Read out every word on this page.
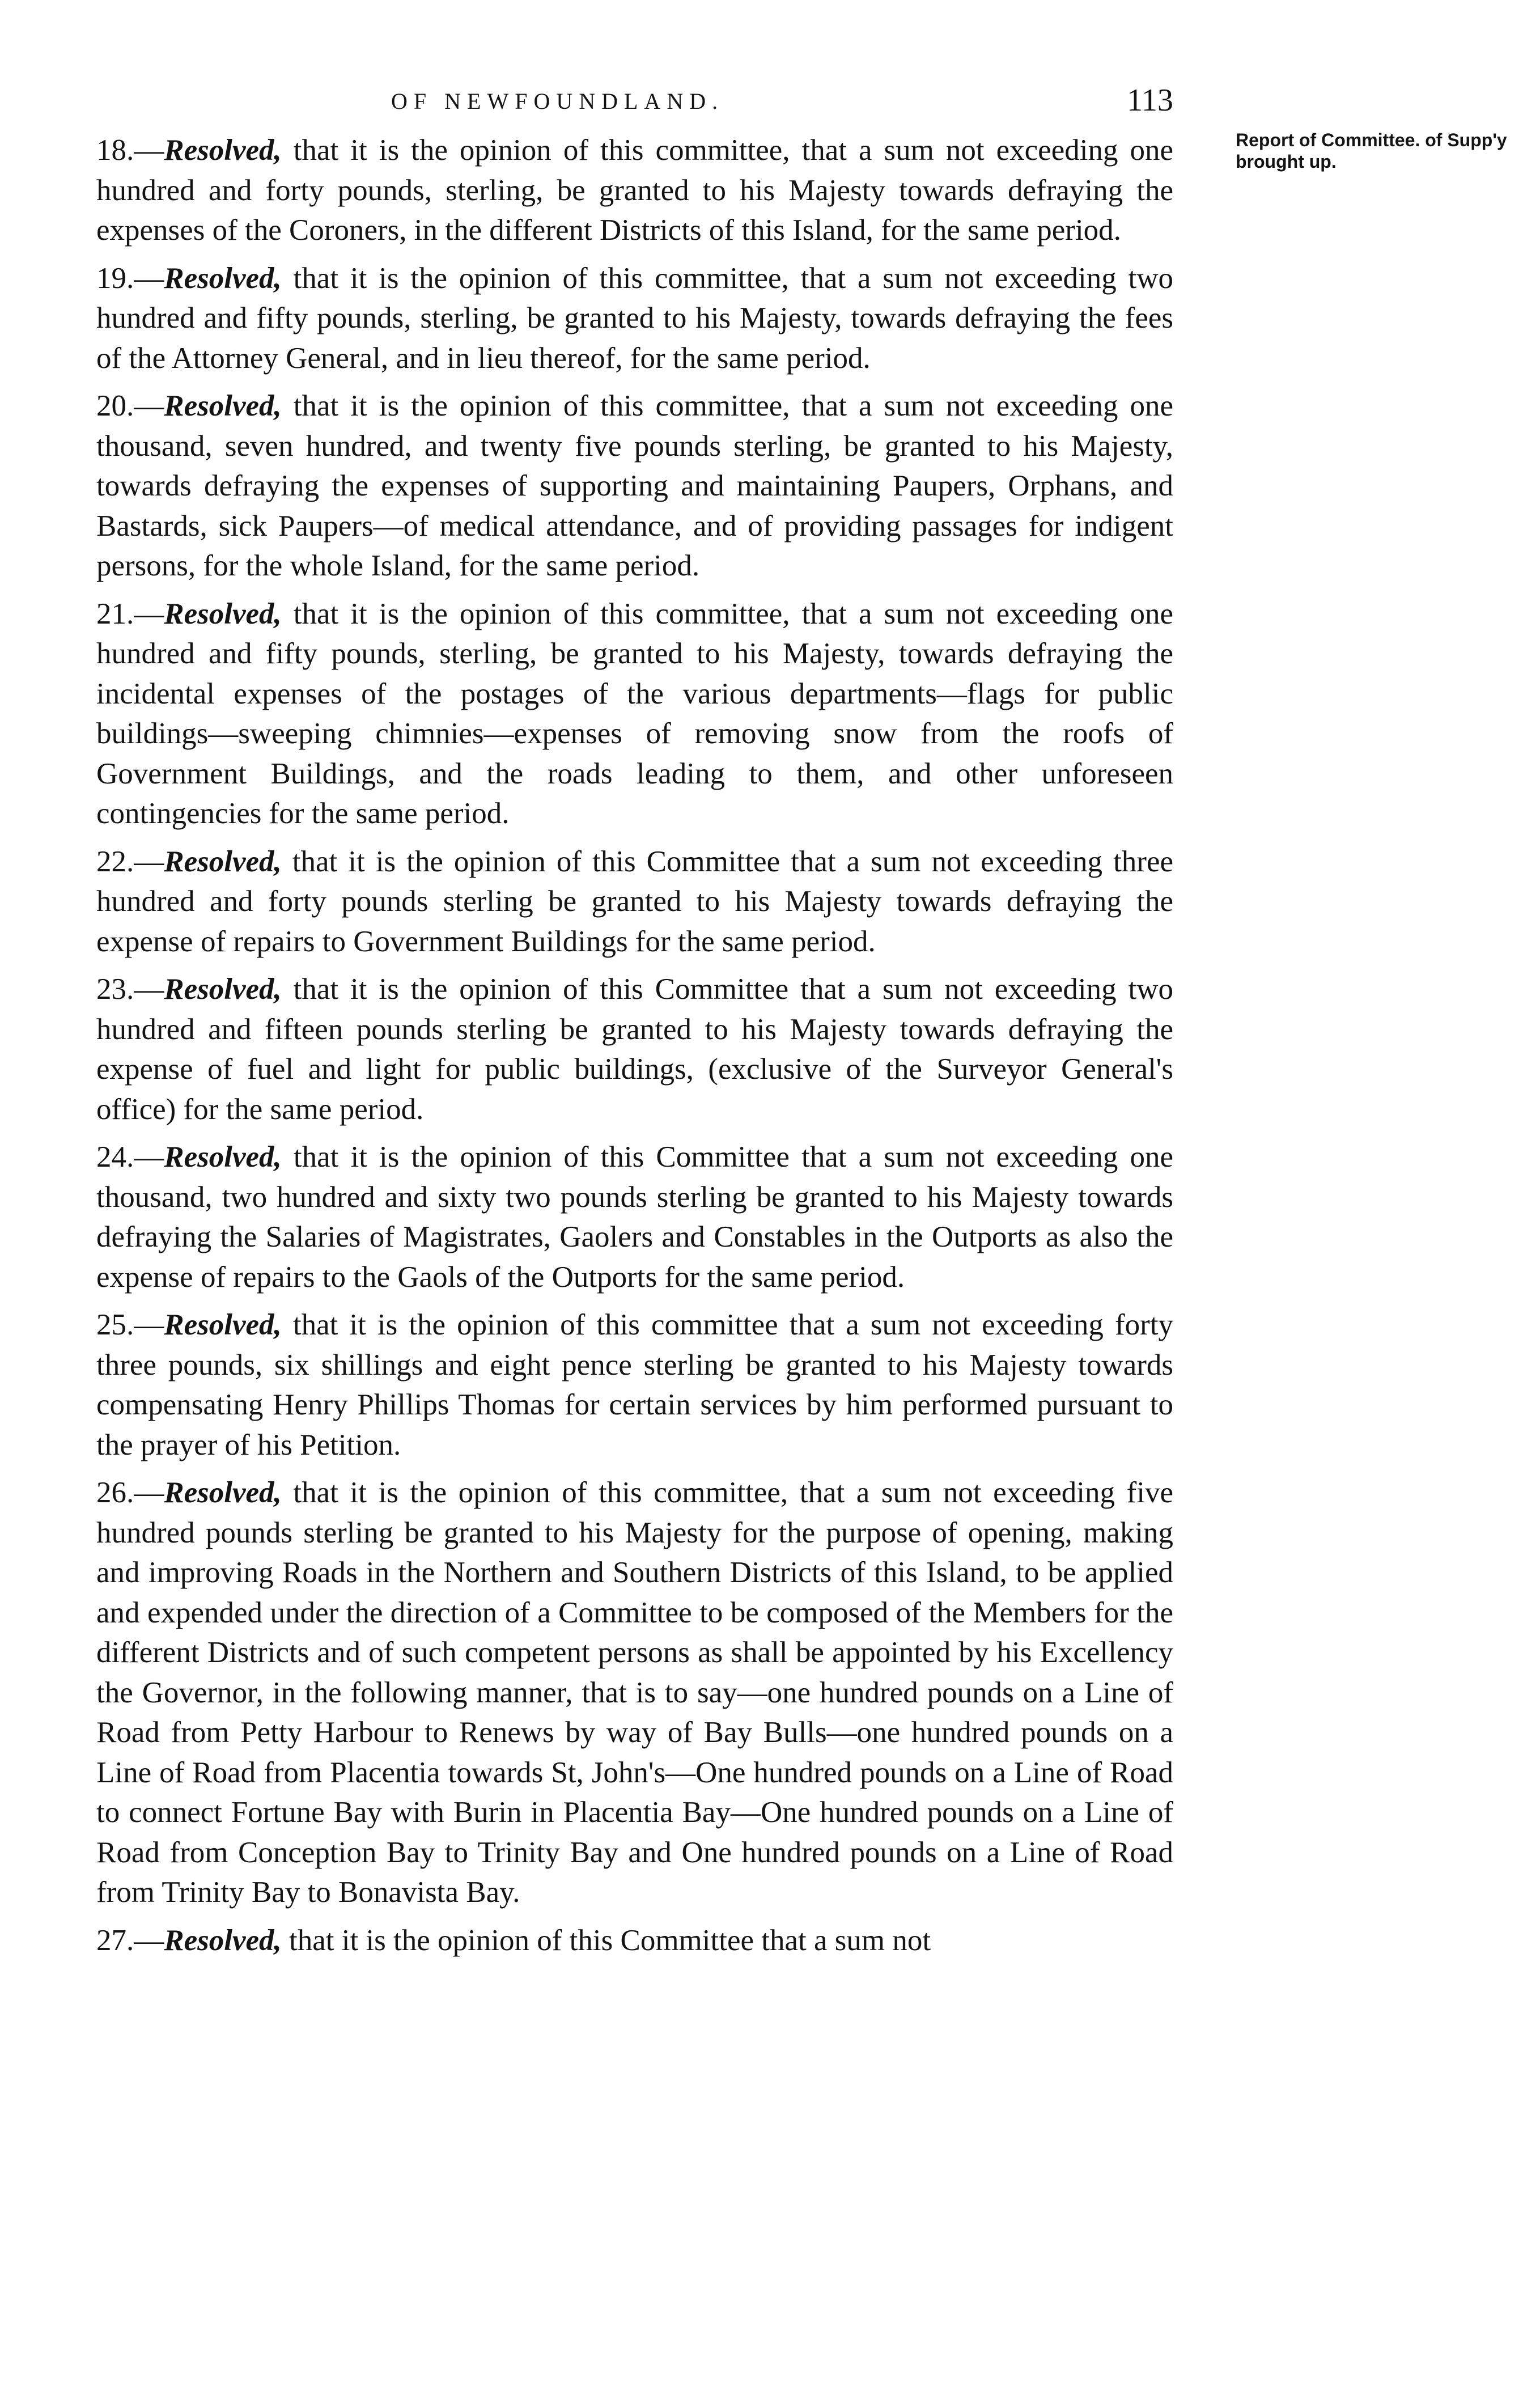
OF NEWFOUNDLAND.	113
Report of Committee. of Supp'y brought up.

18.—Resolved, that it is the opinion of this committee, that a sum not exceeding one hundred and forty pounds, sterling, be granted to his Majesty towards defraying the expenses of the Coroners, in the different Districts of this Island, for the same period.

19.—Resolved, that it is the opinion of this committee, that a sum not exceeding two hundred and fifty pounds, sterling, be granted to his Majesty, towards defraying the fees of the Attorney General, and in lieu thereof, for the same period.

20.—Resolved, that it is the opinion of this committee, that a sum not exceeding one thousand, seven hundred, and twenty five pounds sterling, be granted to his Majesty, towards defraying the expenses of supporting and maintaining Paupers, Orphans, and Bastards, sick Paupers—of medical attendance, and of providing passages for indigent persons, for the whole Island, for the same period.

21.—Resolved, that it is the opinion of this committee, that a sum not exceeding one hundred and fifty pounds, sterling, be granted to his Majesty, towards defraying the incidental expenses of the postages of the various departments—flags for public buildings—sweeping chimnies—expenses of removing snow from the roofs of Government Buildings, and the roads leading to them, and other unforeseen contingencies for the same period.

22.—Resolved, that it is the opinion of this Committee that a sum not exceeding three hundred and forty pounds sterling be granted to his Majesty towards defraying the expense of repairs to Government Buildings for the same period.

23.—Resolved, that it is the opinion of this Committee that a sum not exceeding two hundred and fifteen pounds sterling be granted to his Majesty towards defraying the expense of fuel and light for public buildings, (exclusive of the Surveyor General's office) for the same period.

24.—Resolved, that it is the opinion of this Committee that a sum not exceeding one thousand, two hundred and sixty two pounds sterling be granted to his Majesty towards defraying the Salaries of Magistrates, Gaolers and Constables in the Outports as also the expense of repairs to the Gaols of the Outports for the same period.

25.—Resolved, that it is the opinion of this committee that a sum not exceeding forty three pounds, six shillings and eight pence sterling be granted to his Majesty towards compensating Henry Phillips Thomas for certain services by him performed pursuant to the prayer of his Petition.

26.—Resolved, that it is the opinion of this committee, that a sum not exceeding five hundred pounds sterling be granted to his Majesty for the purpose of opening, making and improving Roads in the Northern and Southern Districts of this Island, to be applied and expended under the direction of a Committee to be composed of the Members for the different Districts and of such competent persons as shall be appointed by his Excellency the Governor, in the following manner, that is to say—one hundred pounds on a Line of Road from Petty Harbour to Renews by way of Bay Bulls—one hundred pounds on a Line of Road from Placentia towards St, John's—One hundred pounds on a Line of Road to connect Fortune Bay with Burin in Placentia Bay—One hundred pounds on a Line of Road from Conception Bay to Trinity Bay and One hundred pounds on a Line of Road from Trinity Bay to Bonavista Bay.

27.—Resolved, that it is the opinion of this Committee that a sum not
